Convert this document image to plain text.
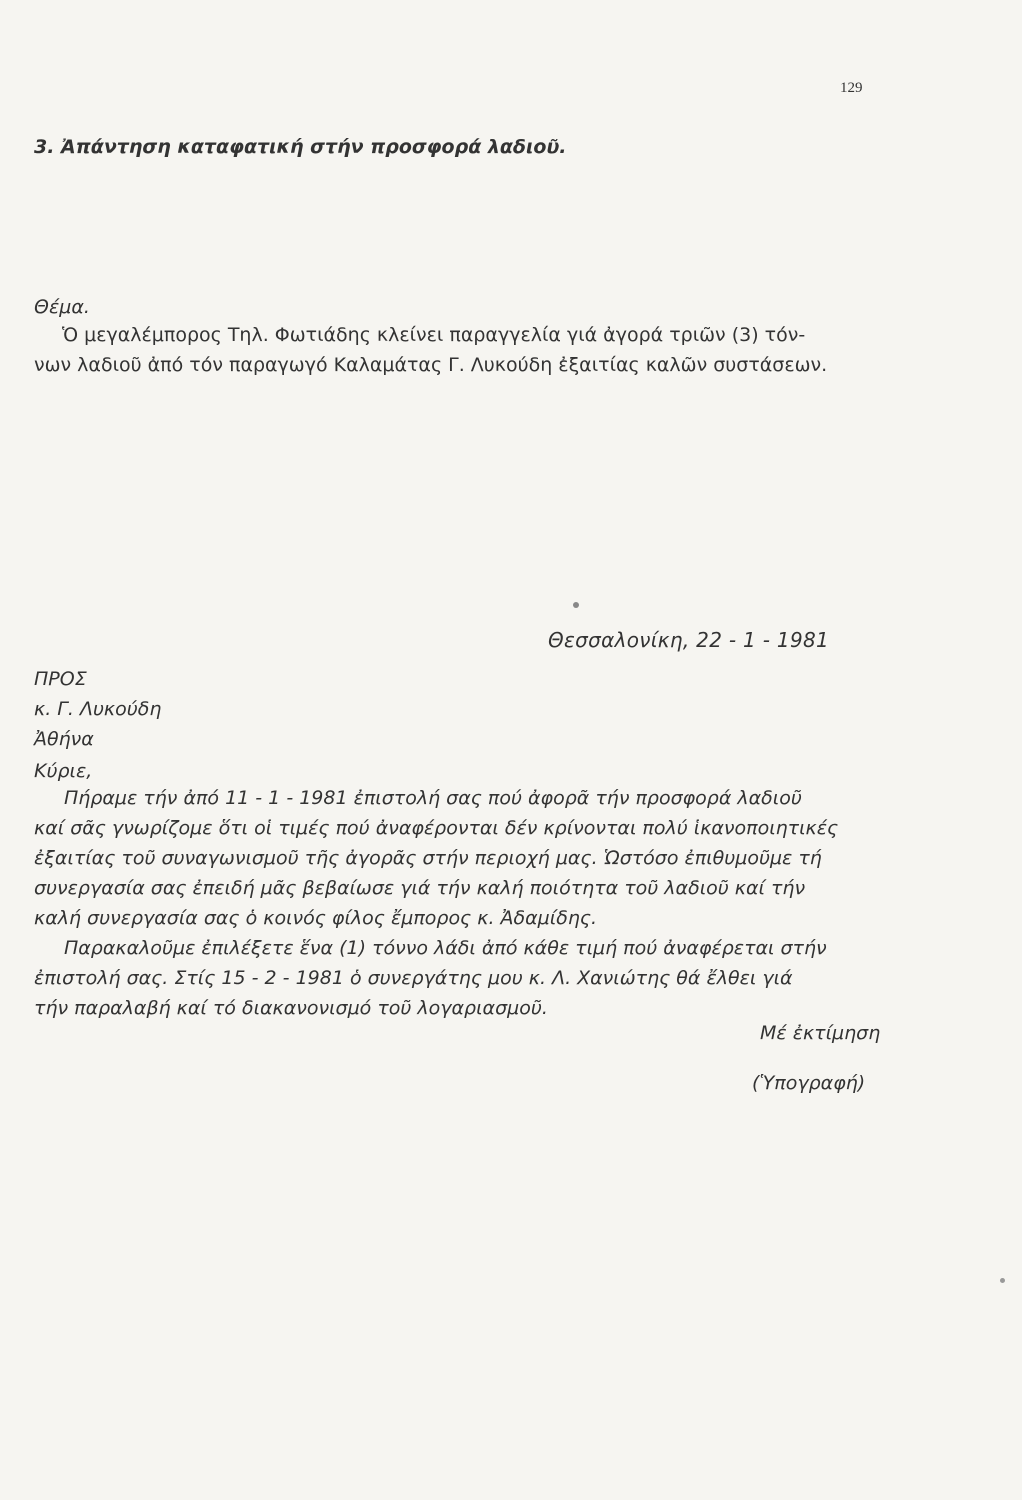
129
3. Ἀπάντηση καταφατική στήν προσφορά λαδιοῦ.
Θέμα.
Ὁ μεγαλέμπορος Τηλ. Φωτιάδης κλείνει παραγγελία γιά ἀγορά τριῶν (3) τόν-
νων λαδιοῦ ἀπό τόν παραγωγό Καλαμάτας Γ. Λυκούδη ἐξαιτίας καλῶν συστάσεων.
Θεσσαλονίκη, 22 - 1 - 1981
ΠΡΟΣ
κ. Γ. Λυκούδη
Ἀθήνα
Κύριε,
Πήραμε τήν ἀπό 11 - 1 - 1981 ἐπιστολή σας πού ἀφορᾶ τήν προσφορά λαδιοῦ
καί σᾶς γνωρίζομε ὅτι οἱ τιμές πού ἀναφέρονται δέν κρίνονται πολύ ἱκανοποιητικές
ἐξαιτίας τοῦ συναγωνισμοῦ τῆς ἀγορᾶς στήν περιοχή μας. Ὡστόσο ἐπιθυμοῦμε τή
συνεργασία σας ἐπειδή μᾶς βεβαίωσε γιά τήν καλή ποιότητα τοῦ λαδιοῦ καί τήν
καλή συνεργασία σας ὁ κοινός φίλος ἔμπορος κ. Ἀδαμίδης.
Παρακαλοῦμε ἐπιλέξετε ἕνα (1) τόννο λάδι ἀπό κάθε τιμή πού ἀναφέρεται στήν
ἐπιστολή σας. Στίς 15 - 2 - 1981 ὁ συνεργάτης μου κ. Λ. Χανιώτης θά ἔλθει γιά
τήν παραλαβή καί τό διακανονισμό τοῦ λογαριασμοῦ.
Μέ ἐκτίμηση
(Ὑπογραφή)
